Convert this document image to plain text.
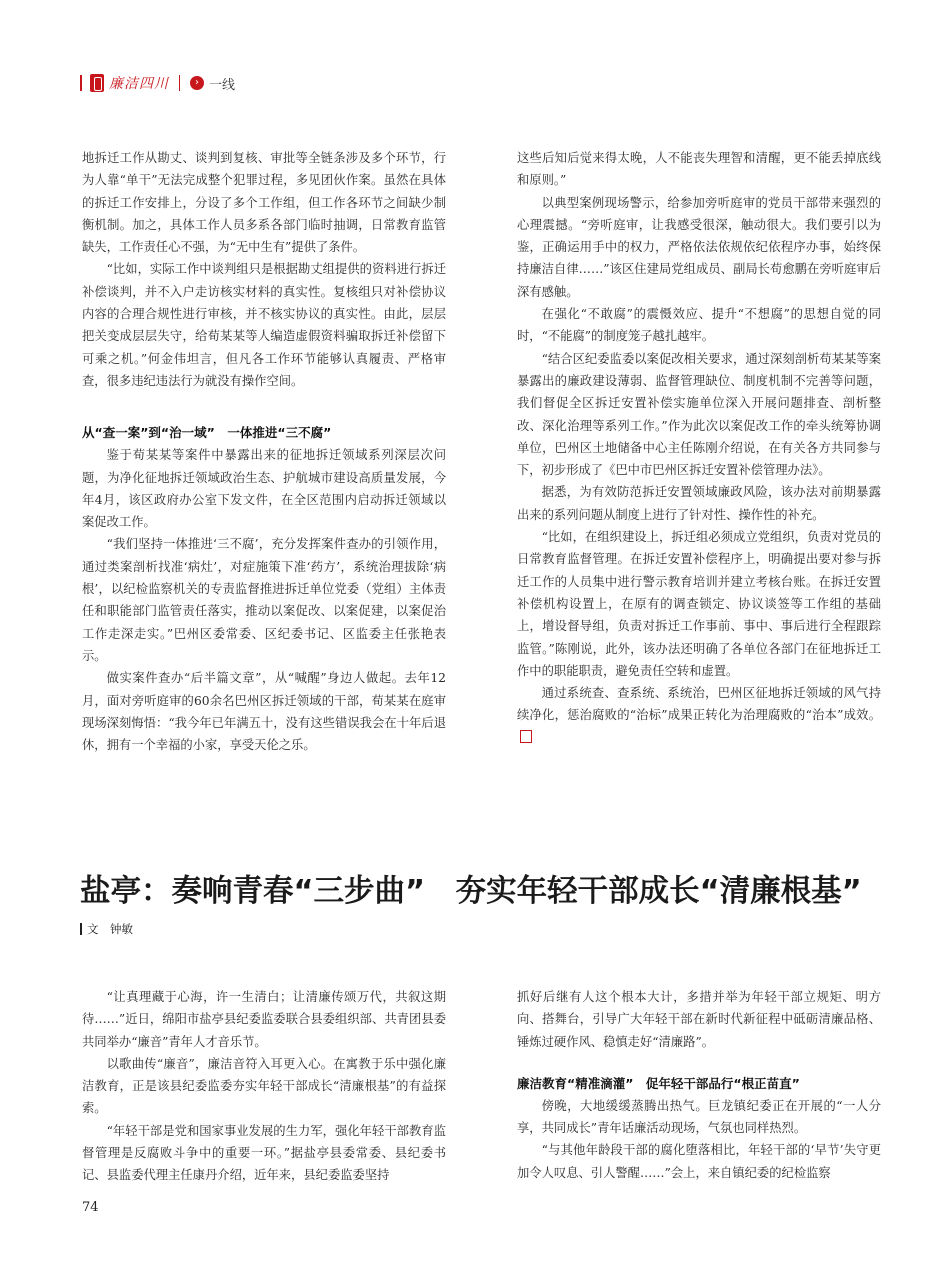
廉洁四川	› 一线

地拆迁工作从勘丈、谈判到复核、审批等全链条涉及多个环节，行为人靠“单干”无法完成整个犯罪过程，多见团伙作案。虽然在具体的拆迁工作安排上，分设了多个工作组，但工作各环节之间缺少制衡机制。加之，具体工作人员多系各部门临时抽调，日常教育监管缺失，工作责任心不强，为“无中生有”提供了条件。

“比如，实际工作中谈判组只是根据勘丈组提供的资料进行拆迁补偿谈判，并不入户走访核实材料的真实性。复核组只对补偿协议内容的合理合规性进行审核，并不核实协议的真实性。由此，层层把关变成层层失守，给荀某某等人编造虚假资料骗取拆迁补偿留下可乘之机。”何金伟坦言，但凡各工作环节能够认真履责、严格审查，很多违纪违法行为就没有操作空间。

从“查一案”到“治一域”　一体推进“三不腐”

鉴于荀某某等案件中暴露出来的征地拆迁领域系列深层次问题，为净化征地拆迁领域政治生态、护航城市建设高质量发展，今年4月，该区政府办公室下发文件，在全区范围内启动拆迁领域以案促改工作。

“我们坚持一体推进‘三不腐’，充分发挥案件查办的引领作用，通过类案剖析找准‘病灶’，对症施策下准‘药方’，系统治理拔除‘病根’，以纪检监察机关的专责监督推进拆迁单位党委（党组）主体责任和职能部门监管责任落实，推动以案促改、以案促建，以案促治工作走深走实。”巴州区委常委、区纪委书记、区监委主任张艳表示。

做实案件查办“后半篇文章”，从“喊醒”身边人做起。去年12月，面对旁听庭审的60余名巴州区拆迁领域的干部，荀某某在庭审现场深刻悔悟：“我今年已年满五十，没有这些错误我会在十年后退休，拥有一个幸福的小家，享受天伦之乐。

这些后知后觉来得太晚，人不能丧失理智和清醒，更不能丢掉底线和原则。”

以典型案例现场警示，给参加旁听庭审的党员干部带来强烈的心理震撼。“旁听庭审，让我感受很深，触动很大。我们要引以为鉴，正确运用手中的权力，严格依法依规依纪依程序办事，始终保持廉洁自律……”该区住建局党组成员、副局长苟愈鹏在旁听庭审后深有感触。

在强化“不敢腐”的震慑效应、提升“不想腐”的思想自觉的同时，“不能腐”的制度笼子越扎越牢。

“结合区纪委监委以案促改相关要求，通过深刻剖析苟某某等案暴露出的廉政建设薄弱、监督管理缺位、制度机制不完善等问题，我们督促全区拆迁安置补偿实施单位深入开展问题排查、剖析整改、深化治理等系列工作。”作为此次以案促改工作的牵头统筹协调单位，巴州区土地储备中心主任陈刚介绍说，在有关各方共同参与下，初步形成了《巴中市巴州区拆迁安置补偿管理办法》。

据悉，为有效防范拆迁安置领域廉政风险，该办法对前期暴露出来的系列问题从制度上进行了针对性、操作性的补充。

“比如，在组织建设上，拆迁组必须成立党组织，负责对党员的日常教育监督管理。在拆迁安置补偿程序上，明确提出要对参与拆迁工作的人员集中进行警示教育培训并建立考核台账。在拆迁安置补偿机构设置上，在原有的调查锁定、协议谈签等工作组的基础上，增设督导组，负责对拆迁工作事前、事中、事后进行全程跟踪监管。”陈刚说，此外，该办法还明确了各单位各部门在征地拆迁工作中的职能职责，避免责任空转和虚置。

通过系统查、查系统、系统治，巴州区征地拆迁领域的风气持续净化，惩治腐败的“治标”成果正转化为治理腐败的“治本”成效。

盐亭：奏响青春“三步曲”　夯实年轻干部成长“清廉根基”
文　钟敏

“让真理藏于心海，许一生清白；让清廉传颂万代，共叙这期待……”近日，绵阳市盐亭县纪委监委联合县委组织部、共青团县委共同举办“廉音”青年人才音乐节。

以歌曲传“廉音”，廉洁音符入耳更入心。在寓教于乐中强化廉洁教育，正是该县纪委监委夯实年轻干部成长“清廉根基”的有益探索。

“年轻干部是党和国家事业发展的生力军，强化年轻干部教育监督管理是反腐败斗争中的重要一环。”据盐亭县委常委、县纪委书记、县监委代理主任康丹介绍，近年来，县纪委监委坚持

抓好后继有人这个根本大计，多措并举为年轻干部立规矩、明方向、搭舞台，引导广大年轻干部在新时代新征程中砥砺清廉品格、锤炼过硬作风、稳慎走好“清廉路”。

廉洁教育“精准滴灌”　促年轻干部品行“根正苗直”

傍晚，大地缓缓蒸腾出热气。巨龙镇纪委正在开展的“一人分享，共同成长”青年话廉活动现场，气氛也同样热烈。

“与其他年龄段干部的腐化堕落相比，年轻干部的‘早节’失守更加令人叹息、引人警醒……”会上，来自镇纪委的纪检监察

74
